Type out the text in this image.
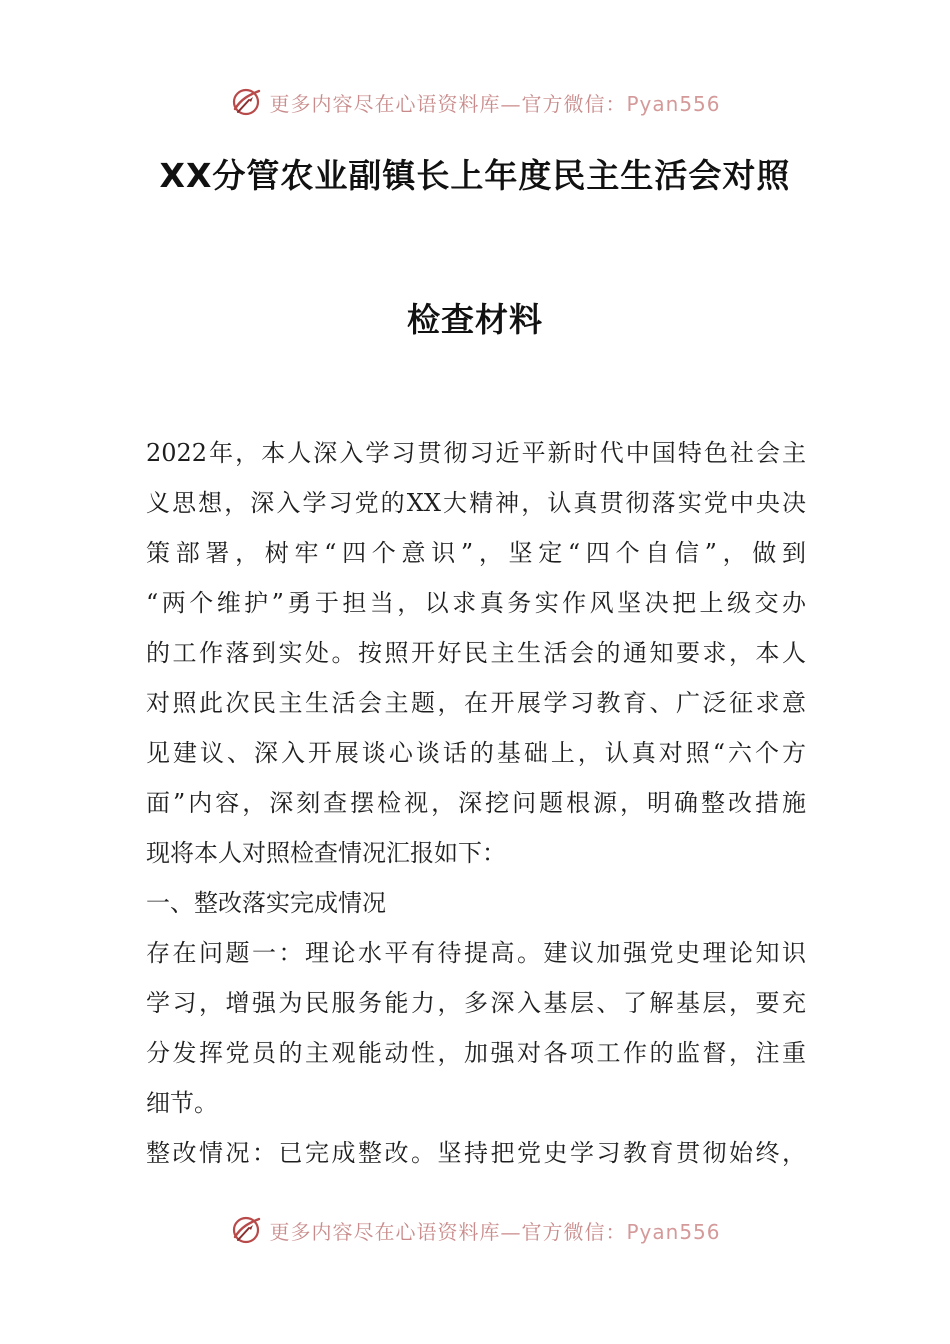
更多内容尽在心语资料库—官方微信：Pyan556
XX分管农业副镇长上年度民主生活会对照
检查材料
2022年，本人深入学习贯彻习近平新时代中国特色社会主
义思想，深入学习党的XX大精神，认真贯彻落实党中央决
策部署，树牢“四个意识”，坚定“四个自信”，做到
“两个维护”勇于担当，以求真务实作风坚决把上级交办
的工作落到实处。按照开好民主生活会的通知要求，本人
对照此次民主生活会主题，在开展学习教育、广泛征求意
见建议、深入开展谈心谈话的基础上，认真对照“六个方
面”内容，深刻查摆检视，深挖问题根源，明确整改措施
现将本人对照检查情况汇报如下：
一、整改落实完成情况
存在问题一：理论水平有待提高。建议加强党史理论知识
学习，增强为民服务能力，多深入基层、了解基层，要充
分发挥党员的主观能动性，加强对各项工作的监督，注重
细节。
整改情况：已完成整改。坚持把党史学习教育贯彻始终，
更多内容尽在心语资料库—官方微信：Pyan556
